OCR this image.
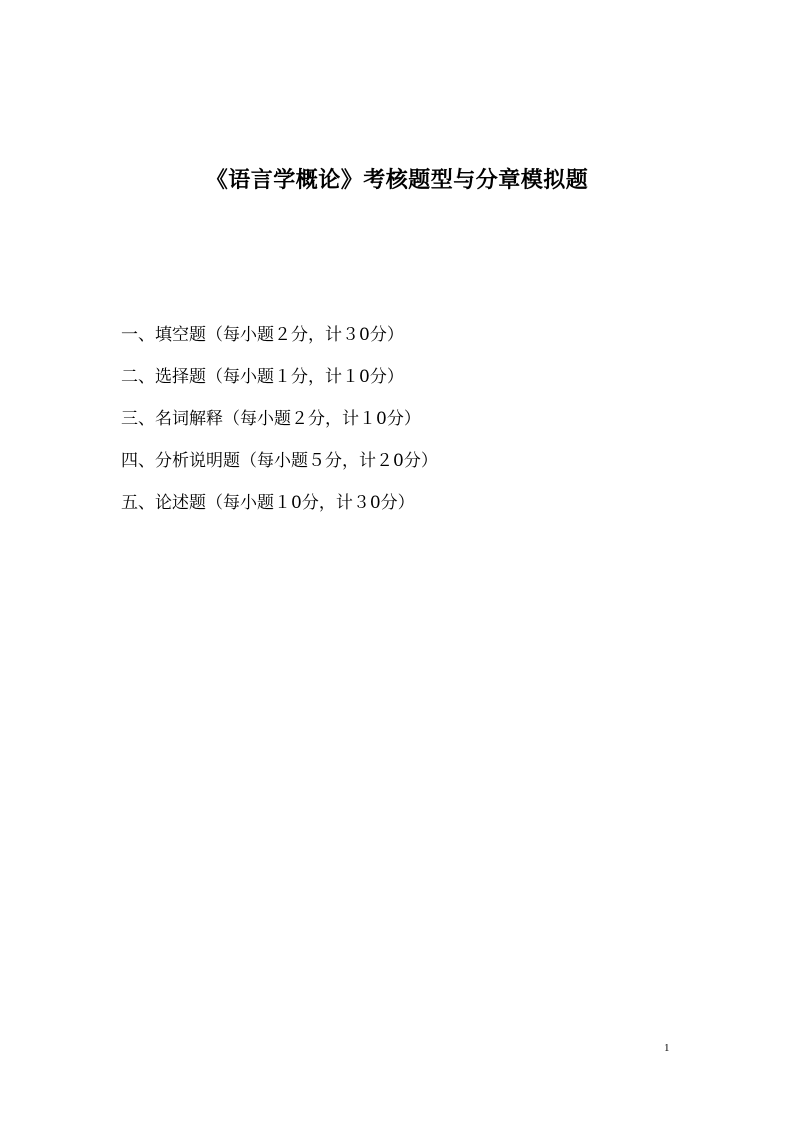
《语言学概论》考核题型与分章模拟题
一、填空题（每小题２分，计３0分）
二、选择题（每小题１分，计１0分）
三、名词解释（每小题２分，计１0分）
四、分析说明题（每小题５分，计２0分）
五、论述题（每小题１0分，计３0分）
1
